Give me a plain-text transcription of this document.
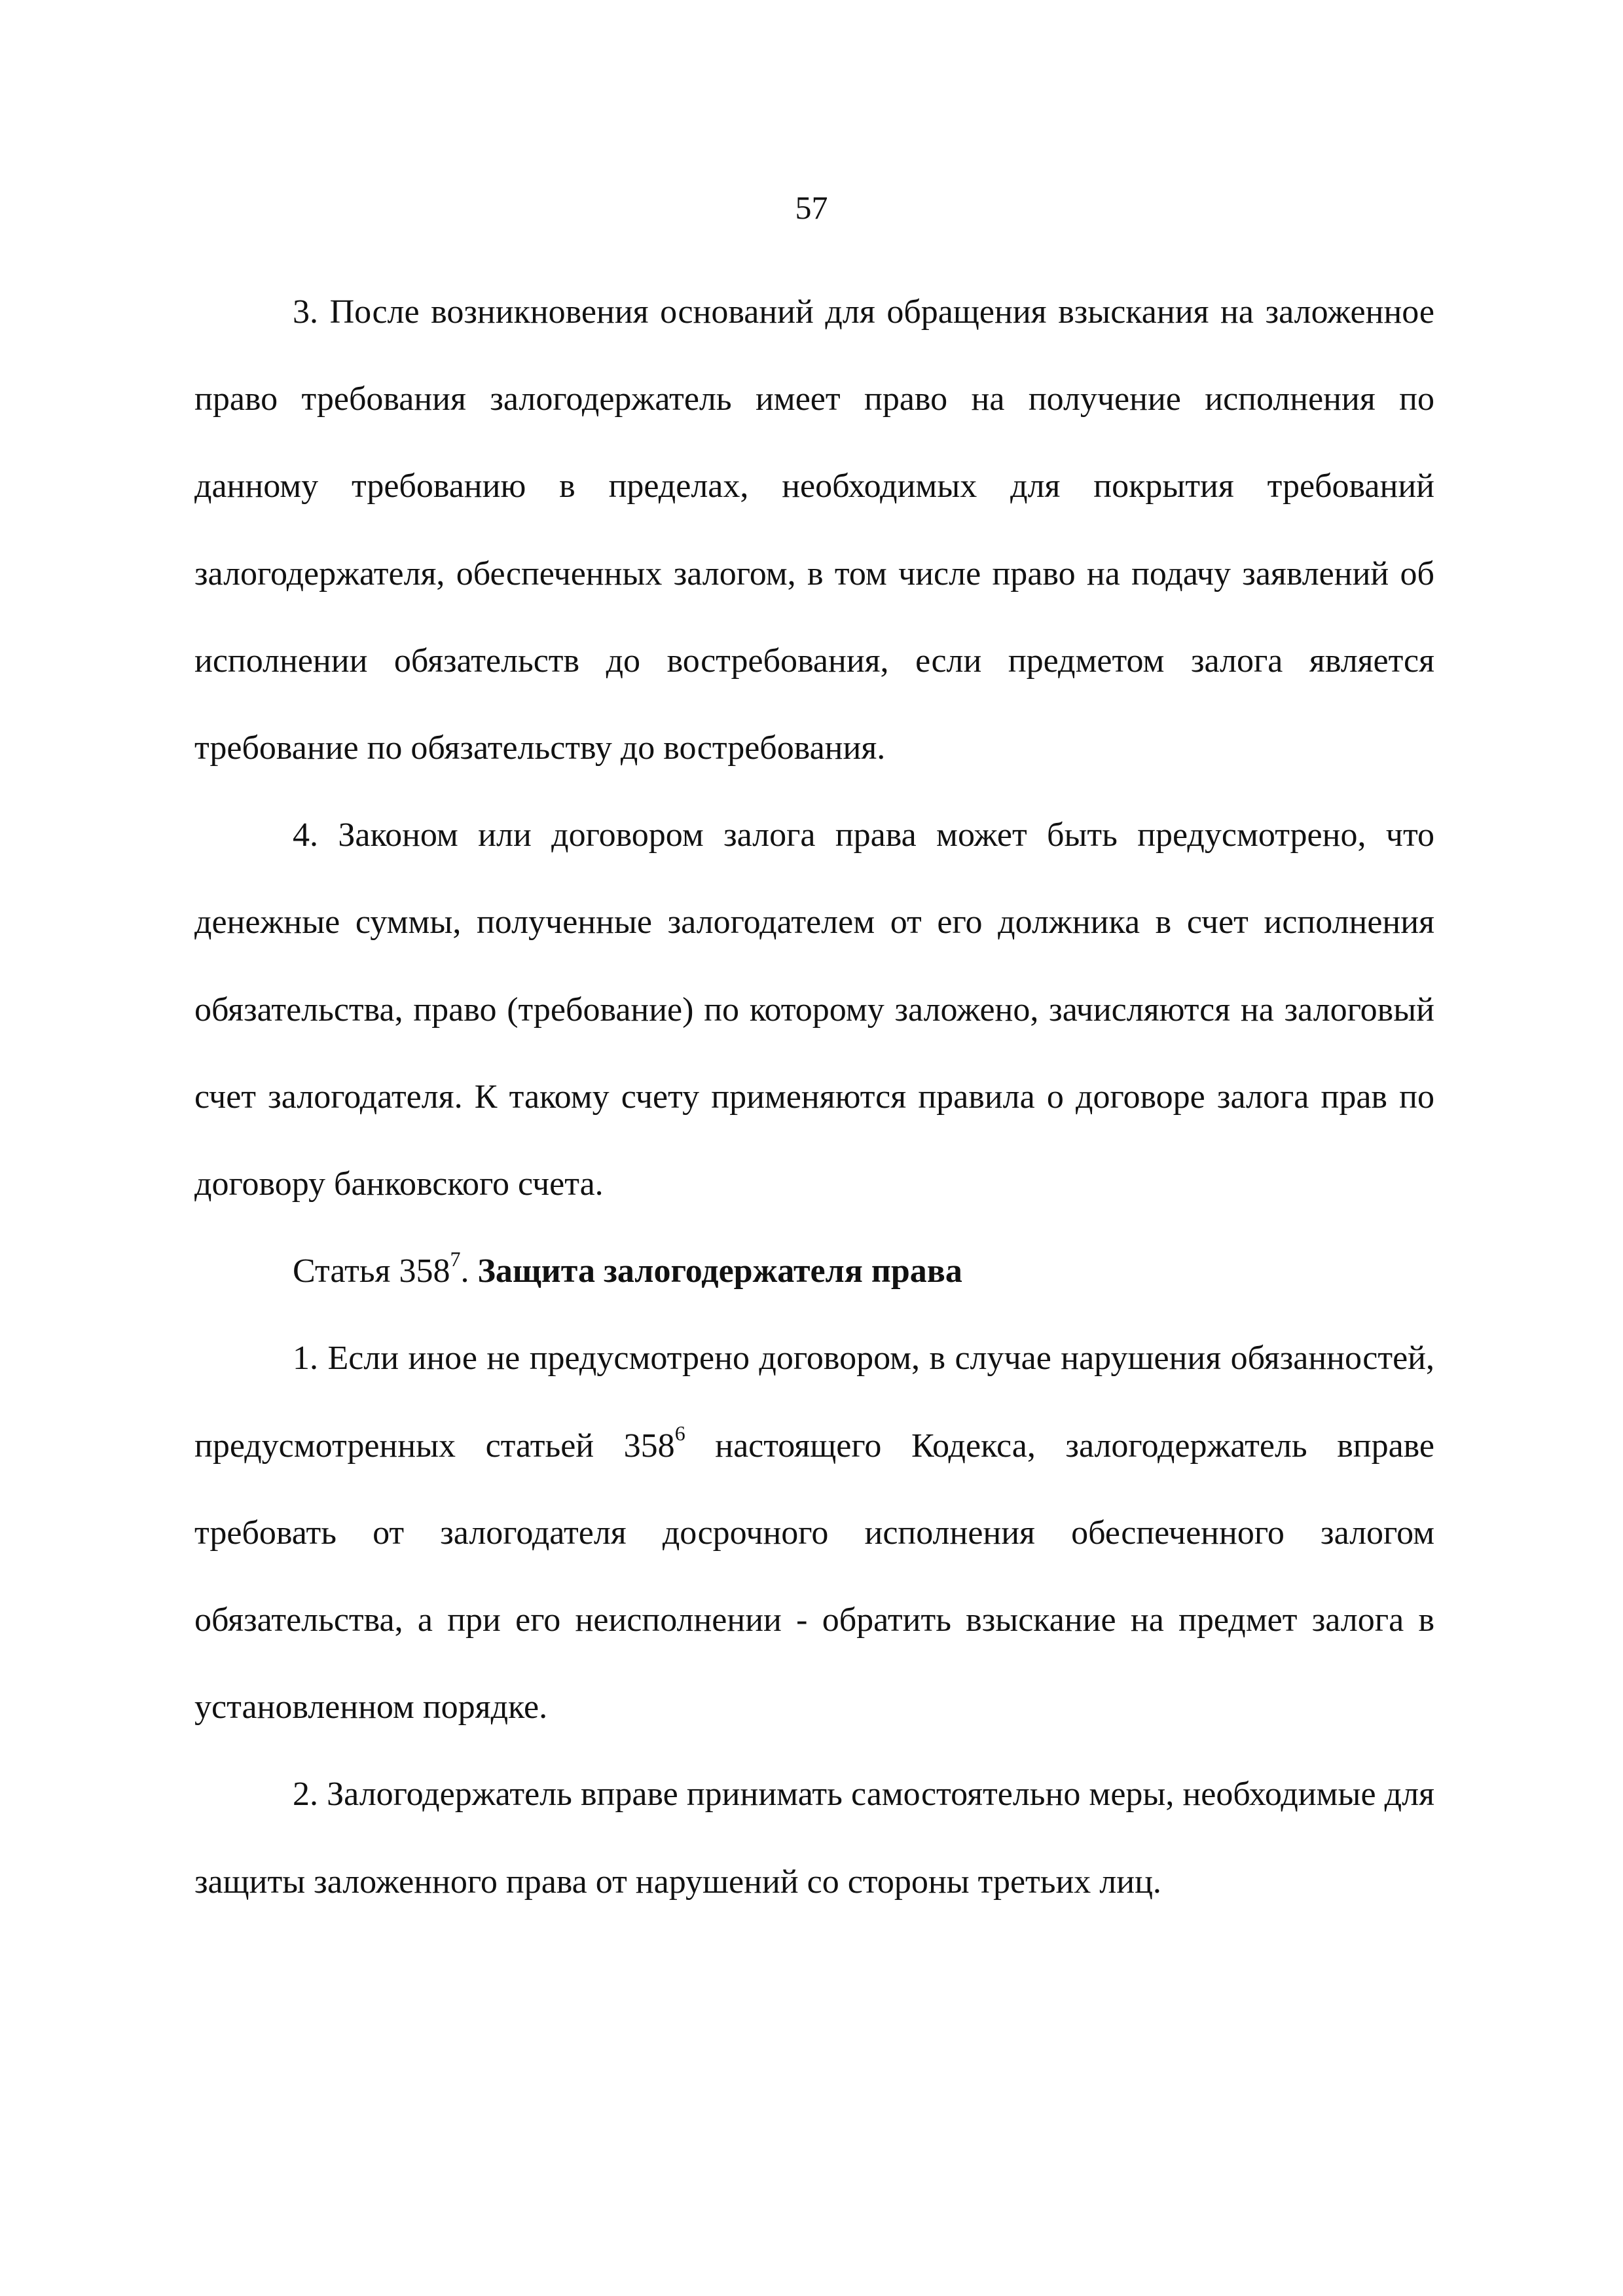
57

3. После возникновения оснований для обращения взыскания на заложенное право требования залогодержатель имеет право на получение исполнения по данному требованию в пределах, необходимых для покрытия требований залогодержателя, обеспеченных залогом, в том числе право на подачу заявлений об исполнении обязательств до востребования, если предметом залога является требование по обязательству до востребования.

4. Законом или договором залога права может быть предусмотрено, что денежные суммы, полученные залогодателем от его должника в счет исполнения обязательства, право (требование) по которому заложено, зачисляются на залоговый счет залогодателя. К такому счету применяются правила о договоре залога прав по договору банковского счета.

Статья $358^7$. Защита залогодержателя права

1. Если иное не предусмотрено договором, в случае нарушения обязанностей, предусмотренных статьей $358^6$ настоящего Кодекса, залогодержатель вправе требовать от залогодателя досрочного исполнения обеспеченного залогом обязательства, а при его неисполнении - обратить взыскание на предмет залога в установленном порядке.

2. Залогодержатель вправе принимать самостоятельно меры, необходимые для защиты заложенного права от нарушений со стороны третьих лиц.
